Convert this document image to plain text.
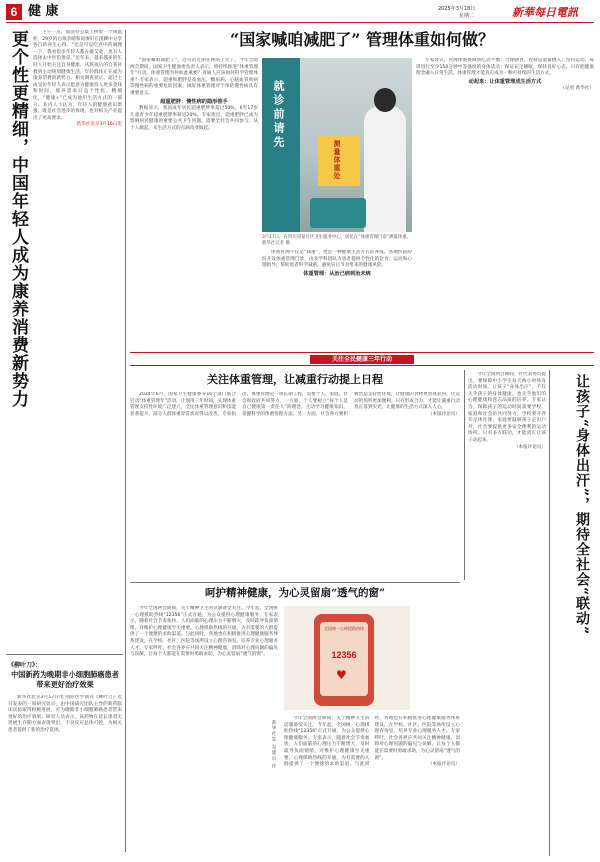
6 健 康	2025年3月18日
星期二	新華每日電訊
更个性更精细，中国年轻人成为康养消费新势力	下午一点，面前办公桌上摆着一个保温杯，29岁的白领李晴和同事们在闲聊中分享各自的养生心得。“还是可以吃点中药调理一下，我看很多年轻人都在做艾灸，也有人选择去中医馆推拿。”近年来，越来越多的年轻人开始关注自身健康，从熬夜后的自我补救到主动规划健康生活，年轻群体正在成为康养消费的新势力。相关调查显示，超过七成受访年轻人表示愿意为健康投入更多金钱和时间，康养需求日益个性化、精细化，“健康+”已成为他们生活方式的一部分。业内人士认为，年轻人的健康意识增强，既是社会进步的体现，也对相关产业提出了更高要求。

新华社北京3月16日电

《柳叶刀》：
中国新药为晚期非小细胞肺癌患者带来更好治疗效果

新华社北京3月17日电 国际医学期刊《柳叶刀》近日发表的一项研究显示，由中国研究团队主导的新药临床试验取得积极进展，可为晚期非小细胞肺癌患者带来更好的治疗效果。研究人员表示，该药物在延长患者无进展生存期方面表现突出，不良反应总体可控，为相关患者提供了新的治疗选择。

“国家喊咱减肥了” 管理体重如何做？
就诊前请先
测量体重处
3月17日，在四川省某社区卫生服务中心，居民在“体重管理门诊”测量体重。新华社记者 摄

“国家喊咱减肥了”，这句话近期在网络上火了。今年全国两会期间，国家卫生健康委负责人表示，将持续推进“体重管理年”行动。体重管理为何如此重要？普通人应该如何科学管理体重？专家表示，超重和肥胖是高血压、糖尿病、心脑血管疾病等慢性病的重要危险因素，做好体重管理对于预防慢性病具有重要意义。

超重肥胖：慢性病的隐形推手

数据显示，我国成年居民超重肥胖率超过50%，6至17岁儿童青少年超重肥胖率接近20%。专家指出，超重肥胖已成为影响居民健康的重要公共卫生问题，需要全社会共同参与，从个人做起，从生活方式的点滴改变做起。

体重管理不仅是“减重”，更是一种健康生活方式的养成。各地医院纷纷开设体重管理门诊，由多学科团队为患者提供个性化的饮食、运动和心理指导，帮助患者科学减重，避免盲目节食带来的健康风险。

体重管理：从治已病到治未病

专家建议，管理体重要做到吃动平衡：合理膳食，控制总能量摄入；坚持运动，每周进行至少150分钟中等强度的身体活动；保证充足睡眠，保持良好心态。只有把健康理念融入日常生活，体重管理才能真正成为一种可持续的生活方式。

动起来：让体重管理成生活方式

（记者 新华社）

关注全民健康三年行动
关注体重管理，让减重行动提上日程

2024年6月，国家卫生健康委等16个部门联合启动“体重管理年”活动，计划用三年时间，实现体重管理支持性环境广泛建立，全民体重管理意识和技能显著提升，部分人群体重异常状况得以改善。专家指出，体重管理是一项长期工程，需要个人、家庭、社会和政府共同努力。一方面，个人要树立“每个人是自己健康第一责任人”的理念，主动学习健康知识，掌握科学的体重管理方法；另一方面，社会各方要积极营造支持性环境，让健康的食物更容易获得，让运动的场所更加便利。只有形成合力，才能让减重行动真正落到实处，让健康的生活方式深入人心。

（本报评论员）

今年全国两会期间，有代表委员提出，要保障中小学生每天两小时体育活动时间。让孩子“身体出汗”，不仅关乎孩子的身体健康，也关乎他们的心理健康和意志品质的培养。专家认为，保障孩子的运动时间需要学校、家庭和社会的共同努力，学校要开齐开足体育课，家庭要鼓励孩子走出户外，社会要提供更多安全便利的运动场所。只有多方联动，才能真正让孩子动起来。

（本报评论员）	让孩子“身体出汗”，期待全社会“联动”
呵护精神健康，为心灵留扇“透气的窗”
全国统一心理援助热线
12356
♥
新华社发 勾建山 作

今年全国两会期间，关于精神卫生的话题备受关注。今年起，全国统一心理援助热线“12356”正式开通，为公众提供心理健康服务。专家表示，随着社会节奏加快，人们面临的心理压力不断增大，及时疏导负面情绪，对维护心理健康至关重要。心理援助热线的开通，为有需要的人群提供了一个便捷的求助渠道。与此同时，各地也在积极推进心理健康服务体系建设，在学校、社区、医院等场所设立心理咨询室，培养专业心理服务人才。专家呼吁，社会各界应共同关注精神健康，消除对心理问题的偏见与误解，让每个人都能在需要时勇敢求助，为心灵留扇“透气的窗”。

今年全国两会期间，关于精神卫生的话题备受关注。今年起，全国统一心理援助热线“12356”正式开通，为公众提供心理健康服务。专家表示，随着社会节奏加快，人们面临的心理压力不断增大，及时疏导负面情绪，对维护心理健康至关重要。心理援助热线的开通，为有需要的人群提供了一个便捷的求助渠道。与此同时，各地也在积极推进心理健康服务体系建设，在学校、社区、医院等场所设立心理咨询室，培养专业心理服务人才。专家呼吁，社会各界应共同关注精神健康，消除对心理问题的偏见与误解，让每个人都能在需要时勇敢求助，为心灵留扇“透气的窗”。

（本报评论员）
